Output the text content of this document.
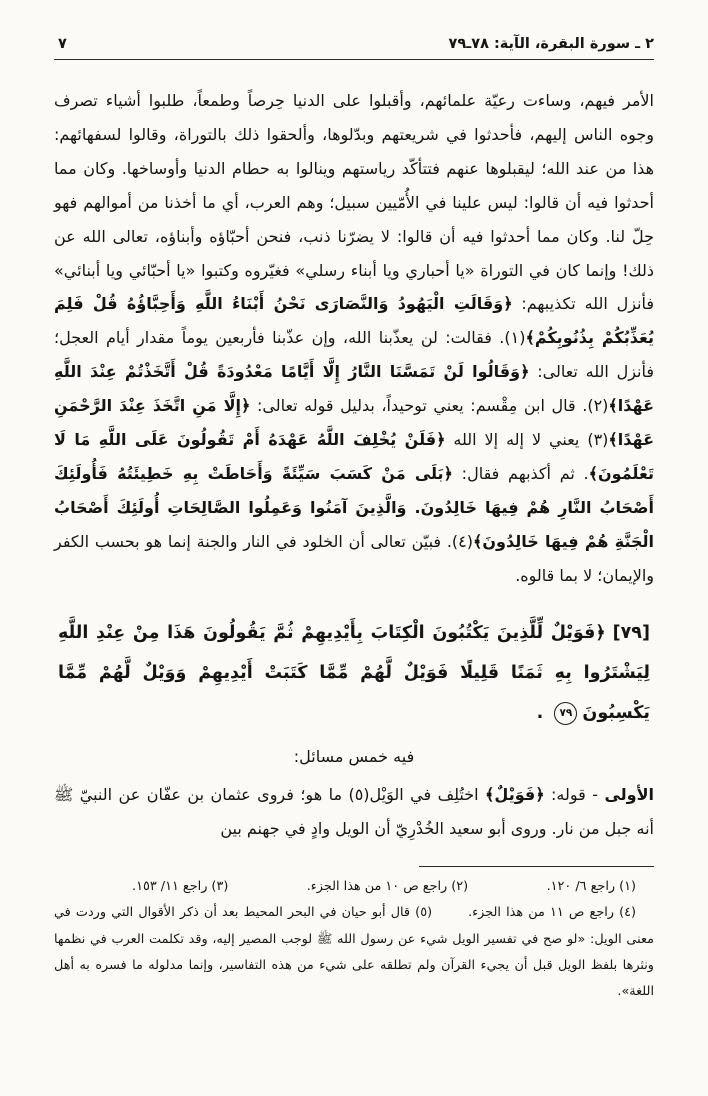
٢ ـ سورة البقرة، الآية: ٧٨ـ٧٩
٧

الأمر فيهم، وساءت رعيّة علمائهم، وأقبلوا على الدنيا حِرصاً وطمعاً، طلبوا أشياء تصرف وجوه الناس إليهم، فأحدثوا في شريعتهم وبدّلوها، وألحقوا ذلك بالتوراة، وقالوا لسفهائهم: هذا من عند الله؛ ليقبلوها عنهم فتتأكّد رياستهم وينالوا به حطام الدنيا وأوساخها. وكان مما أحدثوا فيه أن قالوا: ليس علينا في الأُمّيين سبيل؛ وهم العرب، أي ما أخذنا من أموالهم فهو حِلّ لنا. وكان مما أحدثوا فيه أن قالوا: لا يضرّنا ذنب، فنحن أحبّاؤه وأبناؤه، تعالى الله عن ذلك! وإنما كان في التوراة «يا أحباري ويا أبناء رسلي» فغيّروه وكتبوا «يا أحبّائي ويا أبنائي» فأنزل الله تكذيبهم: ﴿وَقَالَتِ الْيَهُودُ وَالنَّصَارَى نَحْنُ أَبْنَاءُ اللَّهِ وَأَحِبَّاؤُهُ قُلْ فَلِمَ يُعَذِّبُكُمْ بِذُنُوبِكُمْ﴾(١). فقالت: لن يعذّبنا الله، وإن عذّبنا فأربعين يوماً مقدار أيام العجل؛ فأنزل الله تعالى: ﴿وَقَالُوا لَنْ تَمَسَّنَا النَّارُ إِلَّا أَيَّامًا مَعْدُودَةً قُلْ أَتَّخَذْتُمْ عِنْدَ اللَّهِ عَهْدًا﴾(٢). قال ابن مِقْسم: يعني توحيداً، بدليل قوله تعالى: ﴿إِلَّا مَنِ اتَّخَذَ عِنْدَ الرَّحْمَنِ عَهْدًا﴾(٣) يعني لا إله إلا الله ﴿فَلَنْ يُخْلِفَ اللَّهُ عَهْدَهُ أَمْ تَقُولُونَ عَلَى اللَّهِ مَا لَا تَعْلَمُونَ﴾. ثم أكذبهم فقال: ﴿بَلَى مَنْ كَسَبَ سَيِّئَةً وَأَحَاطَتْ بِهِ خَطِيئَتُهُ فَأُولَئِكَ أَصْحَابُ النَّارِ هُمْ فِيهَا خَالِدُونَ. وَالَّذِينَ آمَنُوا وَعَمِلُوا الصَّالِحَاتِ أُولَئِكَ أَصْحَابُ الْجَنَّةِ هُمْ فِيهَا خَالِدُونَ﴾(٤). فبيّن تعالى أن الخلود في النار والجنة إنما هو بحسب الكفر والإيمان؛ لا بما قالوه.

[٧٩]﴿فَوَيْلٌ لِّلَّذِينَ يَكْتُبُونَ الْكِتَابَ بِأَيْدِيهِمْ ثُمَّ يَقُولُونَ هَذَا مِنْ عِنْدِ اللَّهِ لِيَشْتَرُوا بِهِ ثَمَنًا قَلِيلًا فَوَيْلٌ لَّهُمْ مِّمَّا كَتَبَتْ أَيْدِيهِمْ وَوَيْلٌ لَّهُمْ مِّمَّا يَكْسِبُونَ٧٩ .

فيه خمس مسائل:

الأولى - قوله: ﴿فَوَيْلٌ﴾ اختُلِف في الوَيْل(٥) ما هو؛ فروى عثمان بن عفّان عن النبيّ ﷺ أنه جبل من نار. وروى أبو سعيد الخُدْرِيّ أن الويل وادٍ في جهنم بين

(١) راجع ٦/ ١٢٠.
(٢) راجع ص ١٠ من هذا الجزء.
(٣) راجع ١١/ ١٥٣.

(٤) راجع ص ١١ من هذا الجزء.(٥) قال أبو حيان في البحر المحيط بعد أن ذكر الأقوال التي وردت في معنى الويل: «لو صح في تفسير الويل شيء عن رسول الله ﷺ لوجب المصير إليه، وقد تكلمت العرب في نظمها ونثرها بلفظ الويل قبل أن يجيء القرآن ولم تطلقه على شيء من هذه التفاسير، وإنما مدلوله ما فسره به أهل اللغة».
